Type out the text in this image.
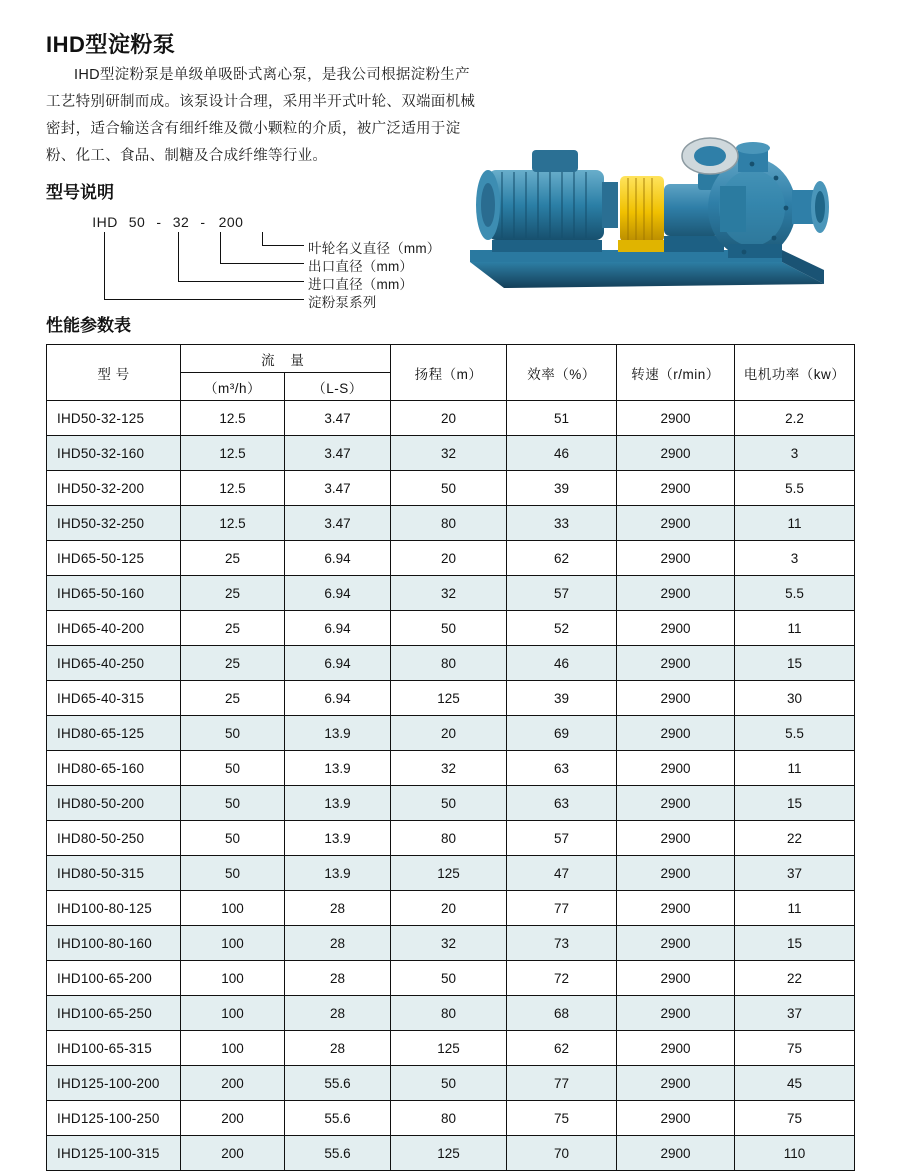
IHD型淀粉泵
IHD型淀粉泵是单级单吸卧式离心泵，是我公司根据淀粉生产工艺特别研制而成。该泵设计合理，采用半开式叶轮、双端面机械密封，适合输送含有细纤维及微小颗粒的介质，被广泛适用于淀粉、化工、食品、制糖及合成纤维等行业。
型号说明
IHD 50 - 32 - 200
叶轮名义直径（mm）
出口直径（mm）
进口直径（mm）
淀粉泵系列
性能参数表
型 号	流 量		扬程（m）	效率（%）	转速（r/min）	电机功率（kw）
	（m³/h）	（L-S）				
IHD50-32-125	12.5	3.47	20	51	2900	2.2
IHD50-32-160	12.5	3.47	32	46	2900	3
IHD50-32-200	12.5	3.47	50	39	2900	5.5
IHD50-32-250	12.5	3.47	80	33	2900	11
IHD65-50-125	25	6.94	20	62	2900	3
IHD65-50-160	25	6.94	32	57	2900	5.5
IHD65-40-200	25	6.94	50	52	2900	11
IHD65-40-250	25	6.94	80	46	2900	15
IHD65-40-315	25	6.94	125	39	2900	30
IHD80-65-125	50	13.9	20	69	2900	5.5
IHD80-65-160	50	13.9	32	63	2900	11
IHD80-50-200	50	13.9	50	63	2900	15
IHD80-50-250	50	13.9	80	57	2900	22
IHD80-50-315	50	13.9	125	47	2900	37
IHD100-80-125	100	28	20	77	2900	11
IHD100-80-160	100	28	32	73	2900	15
IHD100-65-200	100	28	50	72	2900	22
IHD100-65-250	100	28	80	68	2900	37
IHD100-65-315	100	28	125	62	2900	75
IHD125-100-200	200	55.6	50	77	2900	45
IHD125-100-250	200	55.6	80	75	2900	75
IHD125-100-315	200	55.6	125	70	2900	110
